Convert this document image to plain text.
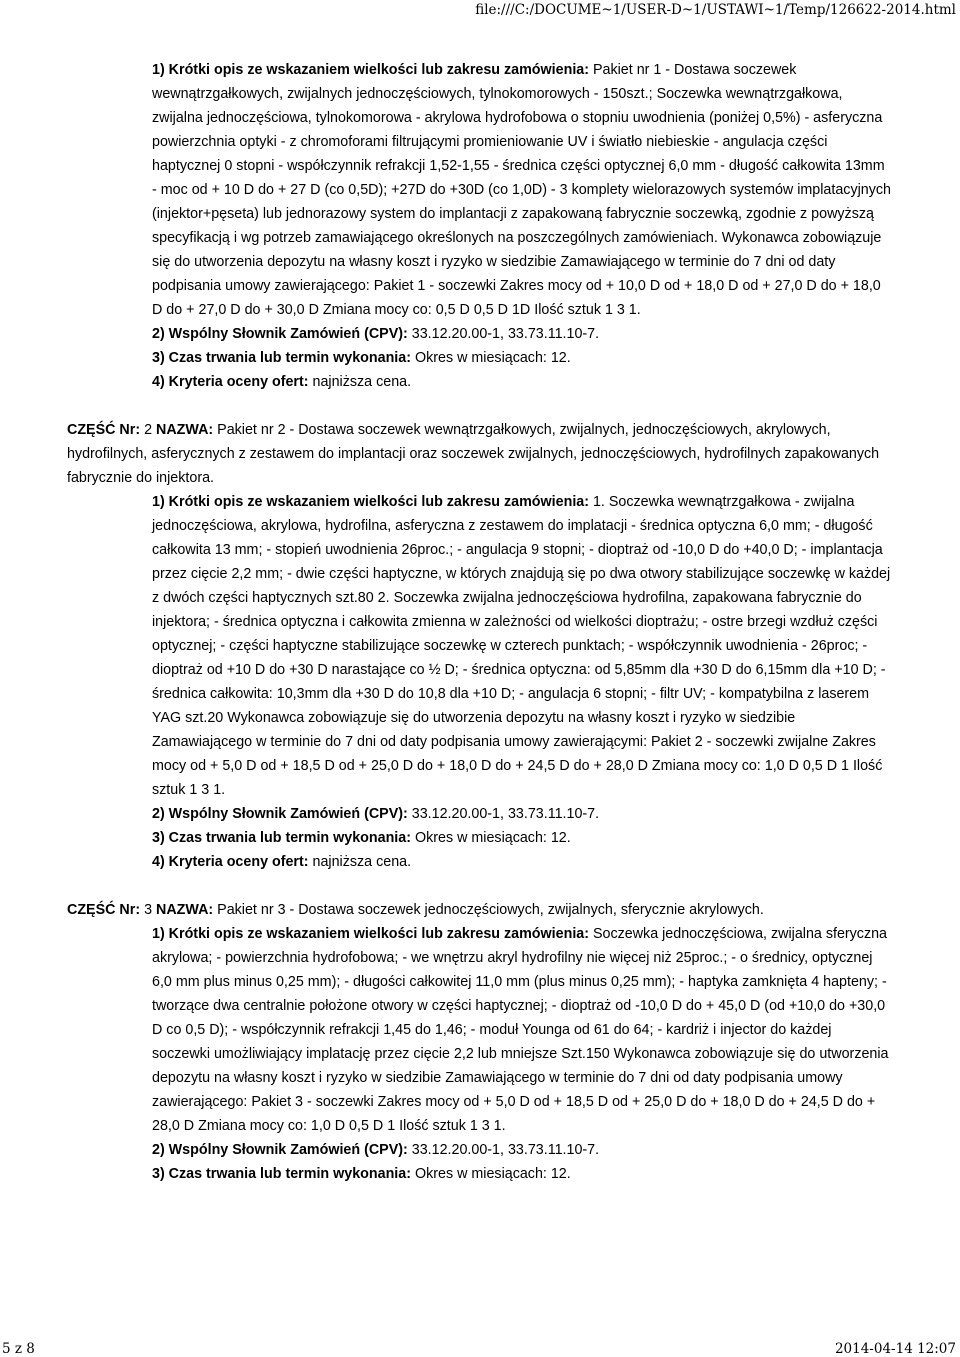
file:///C:/DOCUME~1/USER-D~1/USTAWI~1/Temp/126622-2014.html

1) Krótki opis ze wskazaniem wielkości lub zakresu zamówienia: Pakiet nr 1 - Dostawa soczewek wewnątrzgałkowych, zwijalnych jednoczęściowych, tylnokomorowych - 150szt.; Soczewka wewnątrzgałkowa, zwijalna jednoczęściowa, tylnokomorowa - akrylowa hydrofobowa o stopniu uwodnienia (poniżej 0,5%) - asferyczna powierzchnia optyki - z chromoforami filtrującymi promieniowanie UV i światło niebieskie - angulacja części haptycznej 0 stopni - współczynnik refrakcji 1,52-1,55 - średnica części optycznej 6,0 mm - długość całkowita 13mm - moc od + 10 D do + 27 D (co 0,5D); +27D do +30D (co 1,0D) - 3 komplety wielorazowych systemów implatacyjnych (injektor+pęseta) lub jednorazowy system do implantacji z zapakowaną fabrycznie soczewką, zgodnie z powyższą specyfikacją i wg potrzeb zamawiającego określonych na poszczególnych zamówieniach. Wykonawca zobowiązuje się do utworzenia depozytu na własny koszt i ryzyko w siedzibie Zamawiającego w terminie do 7 dni od daty podpisania umowy zawierającego: Pakiet 1 - soczewki Zakres mocy od + 10,0 D od + 18,0 D od + 27,0 D do + 18,0 D do + 27,0 D do + 30,0 D Zmiana mocy co: 0,5 D 0,5 D 1D Ilość sztuk 1 3 1.

2) Wspólny Słownik Zamówień (CPV): 33.12.20.00-1, 33.73.11.10-7.

3) Czas trwania lub termin wykonania: Okres w miesiącach: 12.

4) Kryteria oceny ofert: najniższa cena.

CZĘŚĆ Nr: 2 NAZWA: Pakiet nr 2 - Dostawa soczewek wewnątrzgałkowych, zwijalnych, jednoczęściowych, akrylowych, hydrofilnych, asferycznych z zestawem do implantacji oraz soczewek zwijalnych, jednoczęściowych, hydrofilnych zapakowanych fabrycznie do injektora.

1) Krótki opis ze wskazaniem wielkości lub zakresu zamówienia: 1. Soczewka wewnątrzgałkowa - zwijalna jednoczęściowa, akrylowa, hydrofilna, asferyczna z zestawem do implatacji - średnica optyczna 6,0 mm; - długość całkowita 13 mm; - stopień uwodnienia 26proc.; - angulacja 9 stopni; - dioptraż od -10,0 D do +40,0 D; - implantacja przez cięcie 2,2 mm; - dwie części haptyczne, w których znajdują się po dwa otwory stabilizujące soczewkę w każdej z dwóch części haptycznych szt.80 2. Soczewka zwijalna jednoczęściowa hydrofilna, zapakowana fabrycznie do injektora; - średnica optyczna i całkowita zmienna w zależności od wielkości dioptrażu; - ostre brzegi wzdłuż części optycznej; - części haptyczne stabilizujące soczewkę w czterech punktach; - współczynnik uwodnienia - 26proc; - dioptraż od +10 D do +30 D narastające co ½ D; - średnica optyczna: od 5,85mm dla +30 D do 6,15mm dla +10 D; - średnica całkowita: 10,3mm dla +30 D do 10,8 dla +10 D; - angulacja 6 stopni; - filtr UV; - kompatybilna z laserem YAG szt.20 Wykonawca zobowiązuje się do utworzenia depozytu na własny koszt i ryzyko w siedzibie Zamawiającego w terminie do 7 dni od daty podpisania umowy zawierającymi: Pakiet 2 - soczewki zwijalne Zakres mocy od + 5,0 D od + 18,5 D od + 25,0 D do + 18,0 D do + 24,5 D do + 28,0 D Zmiana mocy co: 1,0 D 0,5 D 1 Ilość sztuk 1 3 1.

2) Wspólny Słownik Zamówień (CPV): 33.12.20.00-1, 33.73.11.10-7.

3) Czas trwania lub termin wykonania: Okres w miesiącach: 12.

4) Kryteria oceny ofert: najniższa cena.

CZĘŚĆ Nr: 3 NAZWA: Pakiet nr 3 - Dostawa soczewek jednoczęściowych, zwijalnych, sferycznie akrylowych.

1) Krótki opis ze wskazaniem wielkości lub zakresu zamówienia: Soczewka jednoczęściowa, zwijalna sferyczna akrylowa; - powierzchnia hydrofobowa; - we wnętrzu akryl hydrofilny nie więcej niż 25proc.; - o średnicy, optycznej 6,0 mm plus minus 0,25 mm); - długości całkowitej 11,0 mm (plus minus 0,25 mm); - haptyka zamknięta 4 hapteny; - tworzące dwa centralnie położone otwory w części haptycznej; - dioptraż od -10,0 D do + 45,0 D (od +10,0 do +30,0 D co 0,5 D); - współczynnik refrakcji 1,45 do 1,46; - moduł Younga od 61 do 64; - kardriż i injector do każdej soczewki umożliwiający implatację przez cięcie 2,2 lub mniejsze Szt.150 Wykonawca zobowiązuje się do utworzenia depozytu na własny koszt i ryzyko w siedzibie Zamawiającego w terminie do 7 dni od daty podpisania umowy zawierającego: Pakiet 3 - soczewki Zakres mocy od + 5,0 D od + 18,5 D od + 25,0 D do + 18,0 D do + 24,5 D do + 28,0 D Zmiana mocy co: 1,0 D 0,5 D 1 Ilość sztuk 1 3 1.

2) Wspólny Słownik Zamówień (CPV): 33.12.20.00-1, 33.73.11.10-7.

3) Czas trwania lub termin wykonania: Okres w miesiącach: 12.

5 z 8	2014-04-14 12:07
